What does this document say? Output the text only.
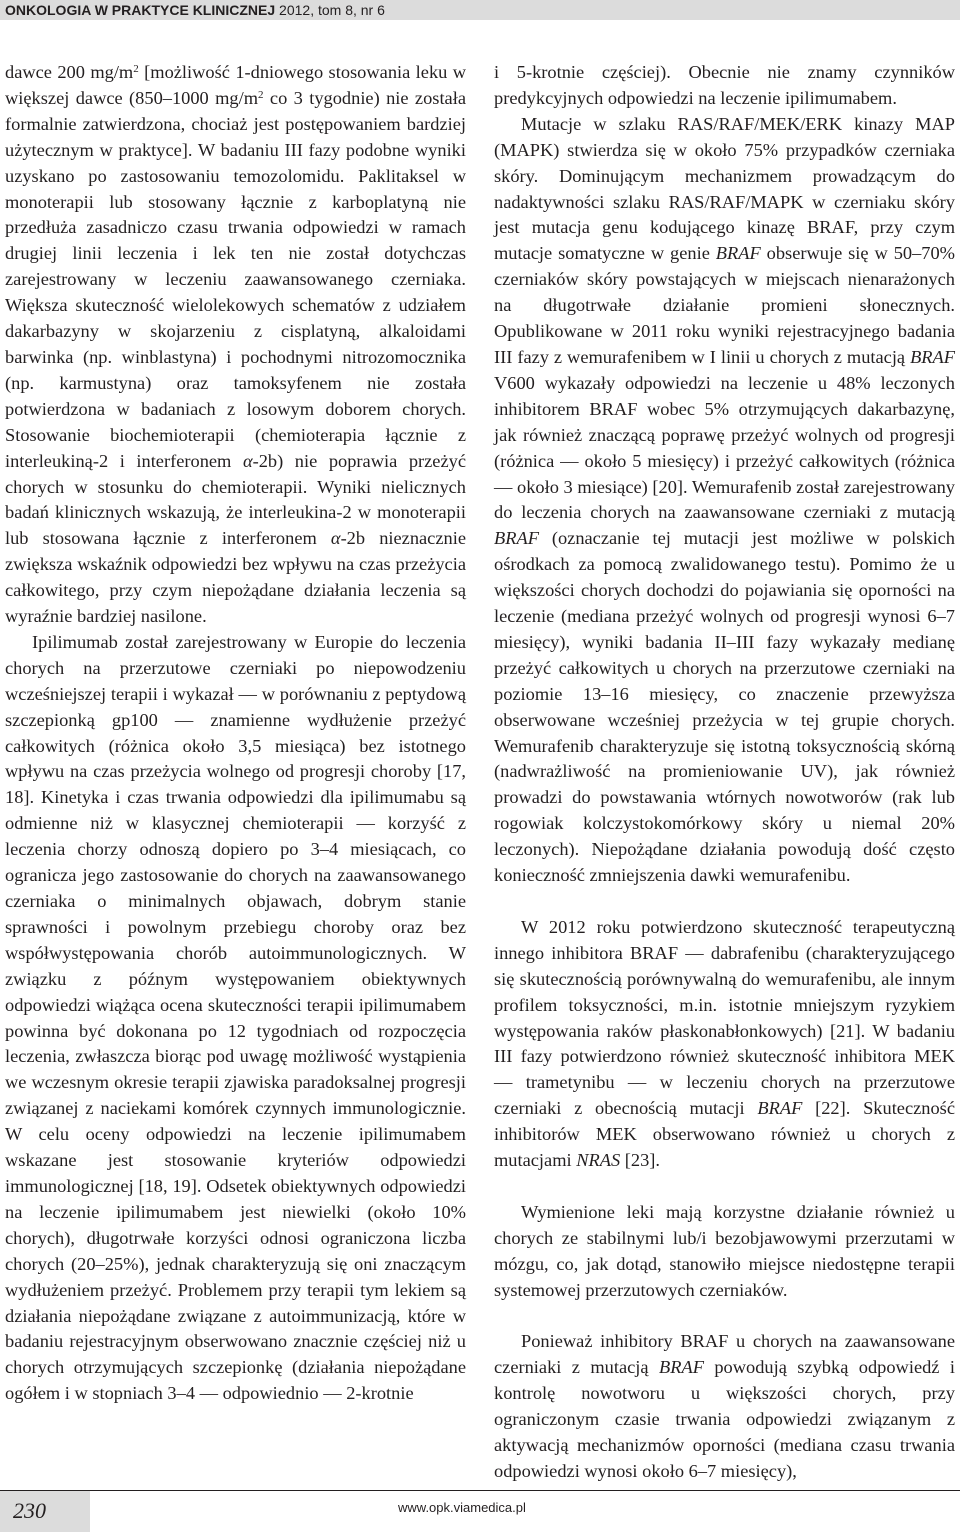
ONKOLOGIA W PRAKTYCE KLINICZNEJ 2012, tom 8, nr 6

dawce 200 $mg/m^2$ [możliwość 1-dniowego stosowania leku w większej dawce (850–1000 $mg/m^2$ co 3 tygodnie) nie została formalnie zatwierdzona, chociaż jest postępowaniem bardziej użytecznym w praktyce]. W badaniu III fazy podobne wyniki uzyskano po zastosowaniu temozolomidu. Paklitaksel w monoterapii lub stosowany łącznie z karboplatyną nie przedłuża zasadniczo czasu trwania odpowiedzi w ramach drugiej linii leczenia i lek ten nie został dotychczas zarejestrowany w leczeniu zaawansowanego czerniaka. Większa skuteczność wielolekowych schematów z udziałem dakarbazyny w skojarzeniu z cisplatyną, alkaloidami barwinka (np. winblastyna) i pochodnymi nitrozomocznika (np. karmustyna) oraz tamoksyfenem nie została potwierdzona w badaniach z losowym doborem chorych. Stosowanie biochemioterapii (chemioterapia łącznie z interleukiną-2 i interferonem α-2b) nie poprawia przeżyć chorych w stosunku do chemioterapii. Wyniki nielicznych badań klinicznych wskazują, że interleukina-2 w monoterapii lub stosowana łącznie z interferonem α-2b nieznacznie zwiększa wskaźnik odpowiedzi bez wpływu na czas przeżycia całkowitego, przy czym niepożądane działania leczenia są wyraźnie bardziej nasilone.

Ipilimumab został zarejestrowany w Europie do leczenia chorych na przerzutowe czerniaki po niepowodzeniu wcześniejszej terapii i wykazał — w porównaniu z peptydową szczepionką gp100 — znamienne wydłużenie przeżyć całkowitych (różnica około 3,5 miesiąca) bez istotnego wpływu na czas przeżycia wolnego od progresji choroby [17, 18]. Kinetyka i czas trwania odpowiedzi dla ipilimumabu są odmienne niż w klasycznej chemioterapii — korzyść z leczenia chorzy odnoszą dopiero po 3–4 miesiącach, co ogranicza jego zastosowanie do chorych na zaawansowanego czerniaka o minimalnych objawach, dobrym stanie sprawności i powolnym przebiegu choroby oraz bez współwystępowania chorób autoimmunologicznych. W związku z późnym występowaniem obiektywnych odpowiedzi wiążąca ocena skuteczności terapii ipilimumabem powinna być dokonana po 12 tygodniach od rozpoczęcia leczenia, zwłaszcza biorąc pod uwagę możliwość wystąpienia we wczesnym okresie terapii zjawiska paradoksalnej progresji związanej z naciekami komórek czynnych immunologicznie. W celu oceny odpowiedzi na leczenie ipilimumabem wskazane jest stosowanie kryteriów odpowiedzi immunologicznej [18, 19]. Odsetek obiektywnych odpowiedzi na leczenie ipilimumabem jest niewielki (około 10% chorych), długotrwałe korzyści odnosi ograniczona liczba chorych (20–25%), jednak charakteryzują się oni znaczącym wydłużeniem przeżyć. Problemem przy terapii tym lekiem są działania niepożądane związane z autoimmunizacją, które w badaniu rejestracyjnym obserwowano znacznie częściej niż u chorych otrzymujących szczepionkę (działania niepożądane ogółem i w stopniach 3–4 — odpowiednio — 2-krotnie

i 5-krotnie częściej). Obecnie nie znamy czynników predykcyjnych odpowiedzi na leczenie ipilimumabem.

Mutacje w szlaku RAS/RAF/MEK/ERK kinazy MAP (MAPK) stwierdza się w około 75% przypadków czerniaka skóry. Dominującym mechanizmem prowadzącym do nadaktywności szlaku RAS/RAF/MAPK w czerniaku skóry jest mutacja genu kodującego kinazę BRAF, przy czym mutacje somatyczne w genie BRAF obserwuje się w 50–70% czerniaków skóry powstających w miejscach nienarażonych na długotrwałe działanie promieni słonecznych. Opublikowane w 2011 roku wyniki rejestracyjnego badania III fazy z wemurafenibem w I linii u chorych z mutacją BRAF V600 wykazały odpowiedzi na leczenie u 48% leczonych inhibitorem BRAF wobec 5% otrzymujących dakarbazynę, jak również znaczącą poprawę przeżyć wolnych od progresji (różnica — około 5 miesięcy) i przeżyć całkowitych (różnica — około 3 miesiące) [20]. Wemurafenib został zarejestrowany do leczenia chorych na zaawansowane czerniaki z mutacją BRAF (oznaczanie tej mutacji jest możliwe w polskich ośrodkach za pomocą zwalidowanego testu). Pomimo że u większości chorych dochodzi do pojawiania się oporności na leczenie (mediana przeżyć wolnych od progresji wynosi 6–7 miesięcy), wyniki badania II–III fazy wykazały medianę przeżyć całkowitych u chorych na przerzutowe czerniaki na poziomie 13–16 miesięcy, co znaczenie przewyższa obserwowane wcześniej przeżycia w tej grupie chorych. Wemurafenib charakteryzuje się istotną toksycznością skórną (nadwrażliwość na promieniowanie UV), jak również prowadzi do powstawania wtórnych nowotworów (rak lub rogowiak kolczystokomórkowy skóry u niemal 20% leczonych). Niepożądane działania powodują dość często konieczność zmniejszenia dawki wemurafenibu.

W 2012 roku potwierdzono skuteczność terapeutyczną innego inhibitora BRAF — dabrafenibu (charakteryzującego się skutecznością porównywalną do wemurafenibu, ale innym profilem toksyczności, m.in. istotnie mniejszym ryzykiem występowania raków płaskonabłonkowych) [21]. W badaniu III fazy potwierdzono również skuteczność inhibitora MEK — trametynibu — w leczeniu chorych na przerzutowe czerniaki z obecnością mutacji BRAF [22]. Skuteczność inhibitorów MEK obserwowano również u chorych z mutacjami NRAS [23].

Wymienione leki mają korzystne działanie również u chorych ze stabilnymi lub/i bezobjawowymi przerzutami w mózgu, co, jak dotąd, stanowiło miejsce niedostępne terapii systemowej przerzutowych czerniaków.

Ponieważ inhibitory BRAF u chorych na zaawansowane czerniaki z mutacją BRAF powodują szybką odpowiedź i kontrolę nowotworu u większości chorych, przy ograniczonym czasie trwania odpowiedzi związanym z aktywacją mechanizmów oporności (mediana czasu trwania odpowiedzi wynosi około 6–7 miesięcy),

230	www.opk.viamedica.pl
